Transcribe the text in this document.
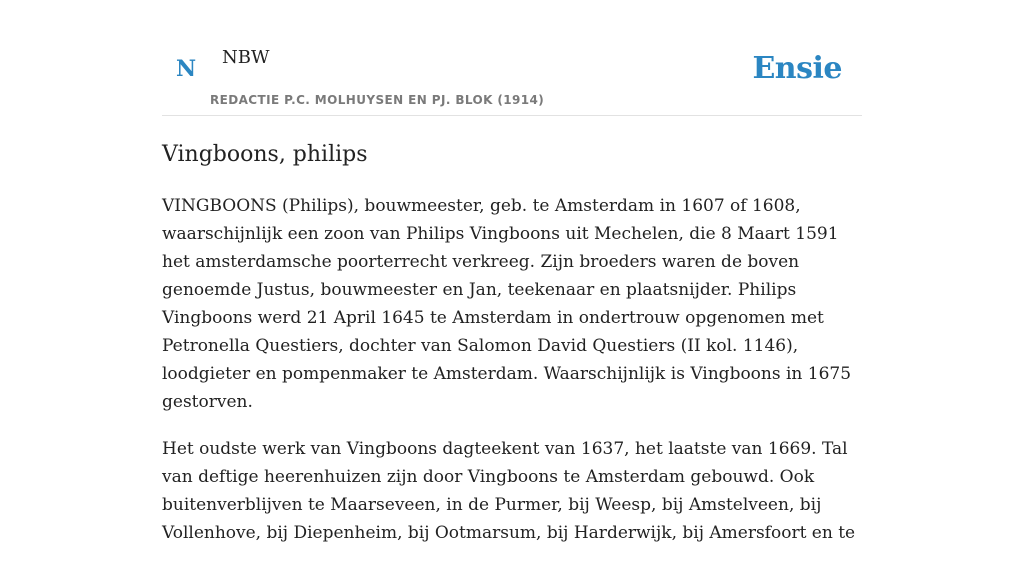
N NBW
REDACTIE P.C. MOLHUYSEN EN PJ. BLOK (1914)
Ensie
Vingboons, philips

VINGBOONS (Philips), bouwmeester, geb. te Amsterdam in 1607 of 1608, waarschijnlijk een zoon van Philips Vingboons uit Mechelen, die 8 Maart 1591 het amsterdamsche poorterrecht verkreeg. Zijn broeders waren de boven genoemde Justus, bouwmeester en Jan, teekenaar en plaatsnijder. Philips Vingboons werd 21 April 1645 te Amsterdam in ondertrouw opgenomen met Petronella Questiers, dochter van Salomon David Questiers (II kol. 1146), loodgieter en pompenmaker te Amsterdam. Waarschijnlijk is Vingboons in 1675 gestorven.

Het oudste werk van Vingboons dagteekent van 1637, het laatste van 1669. Tal van deftige heerenhuizen zijn door Vingboons te Amsterdam gebouwd. Ook buitenverblijven te Maarseveen, in de Purmer, bij Weesp, bij Amstelveen, bij Vollenhove, bij Diepenheim, bij Ootmarsum, bij Harderwijk, bij Amersfoort en te
